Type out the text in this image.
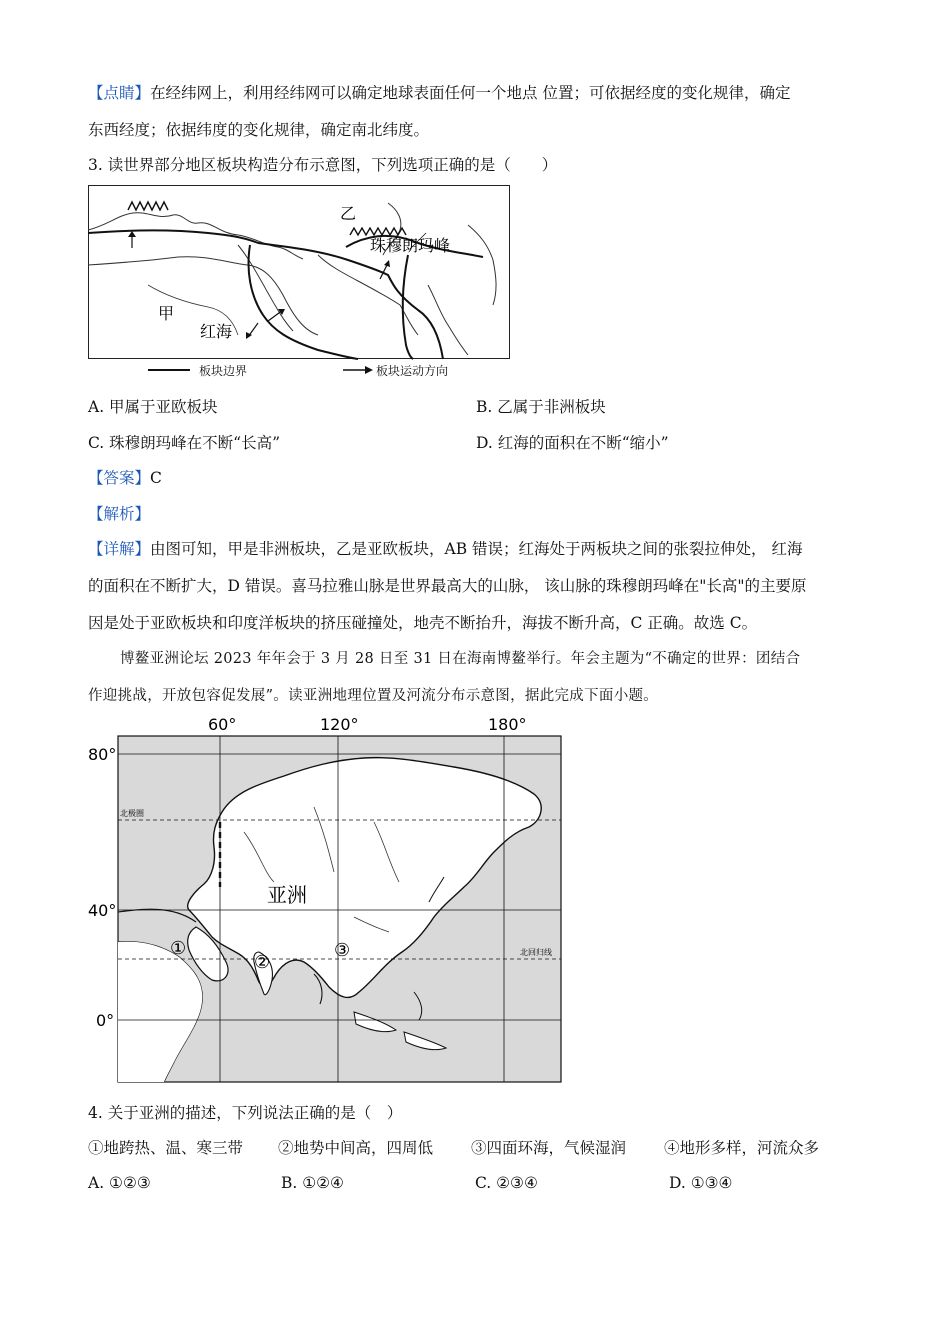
【点睛】在经纬网上，利用经纬网可以确定地球表面任何一个地点 位置；可依据经度的变化规律，确定
东西经度；依据纬度的变化规律，确定南北纬度。
3. 读世界部分地区板块构造分布示意图，下列选项正确的是（　　）
甲
乙
红海
珠穆朗玛峰
板块边界	板块运动方向
A. 甲属于亚欧板块	B. 乙属于非洲板块
C. 珠穆朗玛峰在不断“长高”	D. 红海的面积在不断“缩小”
【答案】C
【解析】
【详解】由图可知，甲是非洲板块，乙是亚欧板块，AB 错误；红海处于两板块之间的张裂拉伸处， 红海
的面积在不断扩大，D 错误。喜马拉雅山脉是世界最高大的山脉， 该山脉的珠穆朗玛峰在"长高"的主要原
因是处于亚欧板块和印度洋板块的挤压碰撞处，地壳不断抬升，海拔不断升高，C 正确。故选 C。
博鳌亚洲论坛 2023 年年会于 3 月 28 日至 31 日在海南博鳌举行。年会主题为“不确定的世界：团结合
作迎挑战，开放包容促发展”。读亚洲地理位置及河流分布示意图，据此完成下面小题。
北极圈
北回归线
60°	120°	180°
80°
40°
0°
亚洲
①
②
③
4. 关于亚洲的描述，下列说法正确的是（　）
①地跨热、温、寒三带 ②地势中间高，四周低 ③四面环海，气候湿润 ④地形多样，河流众多
A. ①②③	B. ①②④	C. ②③④	D. ①③④
